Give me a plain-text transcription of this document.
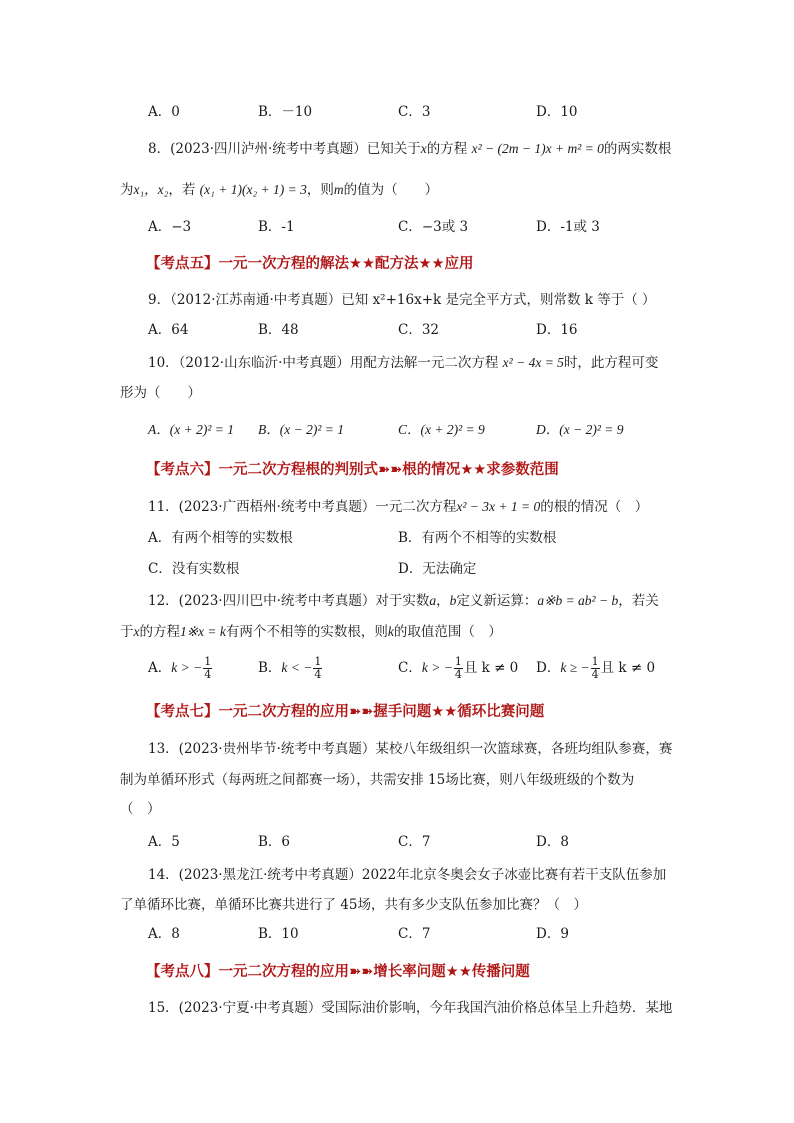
A．0	B．－10	C．3	D．10
8．(2023·四川泸州·统考中考真题）已知关于x的方程 x² − (2m − 1)x + m² = 0的两实数根
为x₁，x₂，若 (x₁ + 1)(x₂ + 1) = 3，则m的值为（　　）
A．−3	B．-1	C．−3或 3	D．-1或 3
【考点五】一元一次方程的解法★★配方法★★应用
9．（2012·江苏南通·中考真题）已知 x²+16x+k 是完全平方式，则常数 k 等于（ ）
A．64	B．48	C．32	D．16
10．（2012·山东临沂·中考真题）用配方法解一元二次方程 x² − 4x = 5时，此方程可变
形为（　　）
A．(x + 2)² = 1 B．(x − 2)² = 1	C．(x + 2)² = 9	D．(x − 2)² = 9
【考点六】一元二次方程根的判别式➽➽根的情况★★求参数范围
11．(2023·广西梧州·统考中考真题）一元二次方程x² − 3x + 1 = 0的根的情况（　）
A．有两个相等的实数根	B．有两个不相等的实数根
C．没有实数根	D．无法确定
12．(2023·四川巴中·统考中考真题）对于实数a，b定义新运算：a※b = ab² − b，若关
于x的方程1※x = k有两个不相等的实数根，则k的取值范围（　）
A．k > − $\frac{1}{4}$	B．k < − $\frac{1}{4}$	C．k > − $\frac{1}{4}$ 且 k ≠ 0 D．k ≥ − $\frac{1}{4}$ 且 k ≠ 0
【考点七】一元二次方程的应用➽➽握手问题★★循环比赛问题
13．(2023·贵州毕节·统考中考真题）某校八年级组织一次篮球赛，各班均组队参赛，赛
制为单循环形式（每两班之间都赛一场），共需安排 15场比赛，则八年级班级的个数为
（　）
A．5	B．6	C．7	D．8
14．(2023·黑龙江·统考中考真题）2022年北京冬奥会女子冰壶比赛有若干支队伍参加
了单循环比赛，单循环比赛共进行了 45场，共有多少支队伍参加比赛？（　）
A．8	B．10	C．7	D．9
【考点八】一元二次方程的应用➽➽增长率问题★★传播问题
15．(2023·宁夏·中考真题）受国际油价影响，今年我国汽油价格总体呈上升趋势．某地
